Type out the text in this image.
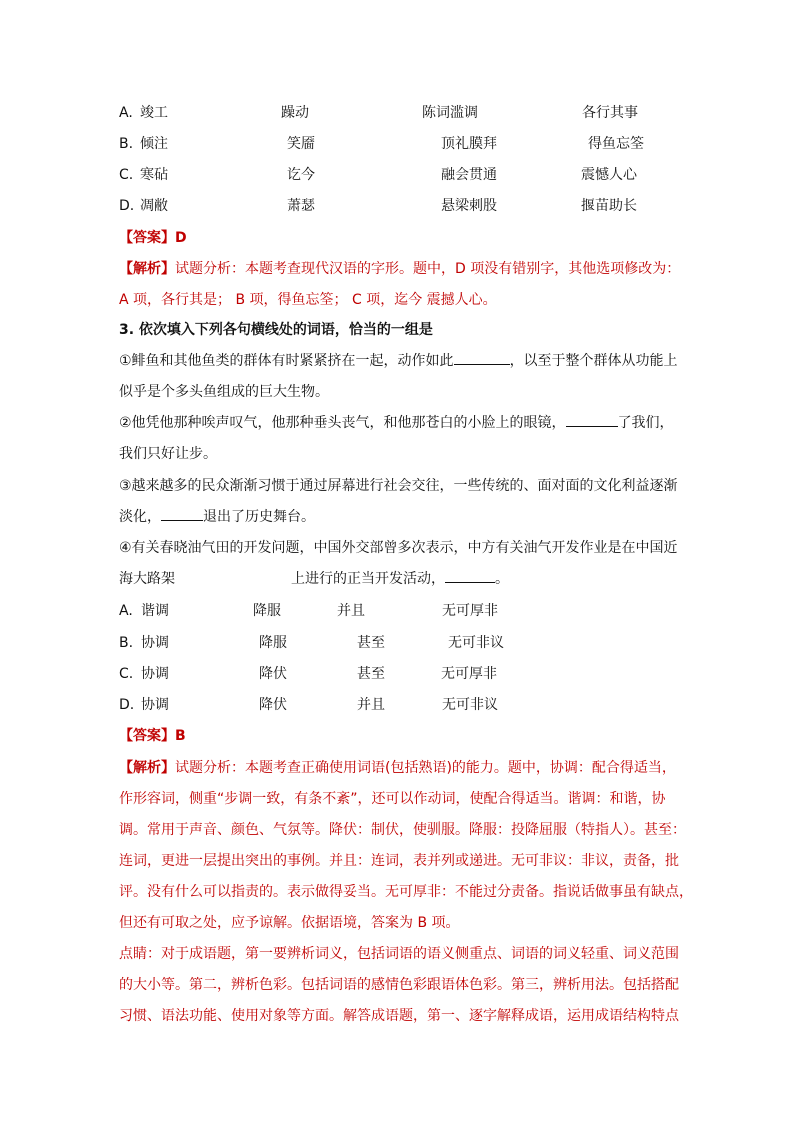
A. 竣工	躁动	陈词滥调	各行其事
B. 倾注	笑靥	顶礼膜拜	得鱼忘筌
C. 寒砧	讫今	融会贯通	震憾人心
D. 凋敝	萧瑟	悬梁刺股	揠苗助长
【答案】D
【解析】试题分析：本题考查现代汉语的字形。题中，D 项没有错别字，其他选项修改为：
A 项，各行其是； B 项，得鱼忘筌； C 项，迄今 震撼人心。
3. 依次填入下列各句横线处的词语，恰当的一组是
①鲱鱼和其他鱼类的群体有时紧紧挤在一起，动作如此	，以至于整个群体从功能上
似乎是个多头鱼组成的巨大生物。
②他凭他那种唉声叹气，他那种垂头丧气，和他那苍白的小脸上的眼镜，	了我们，
我们只好让步。
③越来越多的民众渐渐习惯于通过屏幕进行社会交往，一些传统的、面对面的文化利益逐渐
淡化，	退出了历史舞台。
④有关春晓油气田的开发问题，中国外交部曾多次表示，中方有关油气开发作业是在中国近
海大路架	上进行的正当开发活动，	。
A. 谐调	降服	并且	无可厚非
B. 协调	降服	甚至	无可非议
C. 协调	降伏	甚至	无可厚非
D. 协调	降伏	并且	无可非议
【答案】B
【解析】试题分析：本题考查正确使用词语(包括熟语)的能力。题中，协调：配合得适当，
作形容词，侧重“步调一致，有条不紊”，还可以作动词，使配合得适当。谐调：和谐，协
调。常用于声音、颜色、气氛等。降伏：制伏，使驯服。降服：投降屈服（特指人）。甚至：
连词，更进一层提出突出的事例。并且：连词，表并列或递进。无可非议：非议，责备，批
评。没有什么可以指责的。表示做得妥当。无可厚非：不能过分责备。指说话做事虽有缺点，
但还有可取之处，应予谅解。依据语境，答案为 B 项。
点睛：对于成语题，第一要辨析词义，包括词语的语义侧重点、词语的词义轻重、词义范围
的大小等。第二，辨析色彩。包括词语的感情色彩跟语体色彩。第三，辨析用法。包括搭配
习惯、语法功能、使用对象等方面。解答成语题，第一、逐字解释成语，运用成语结构特点
